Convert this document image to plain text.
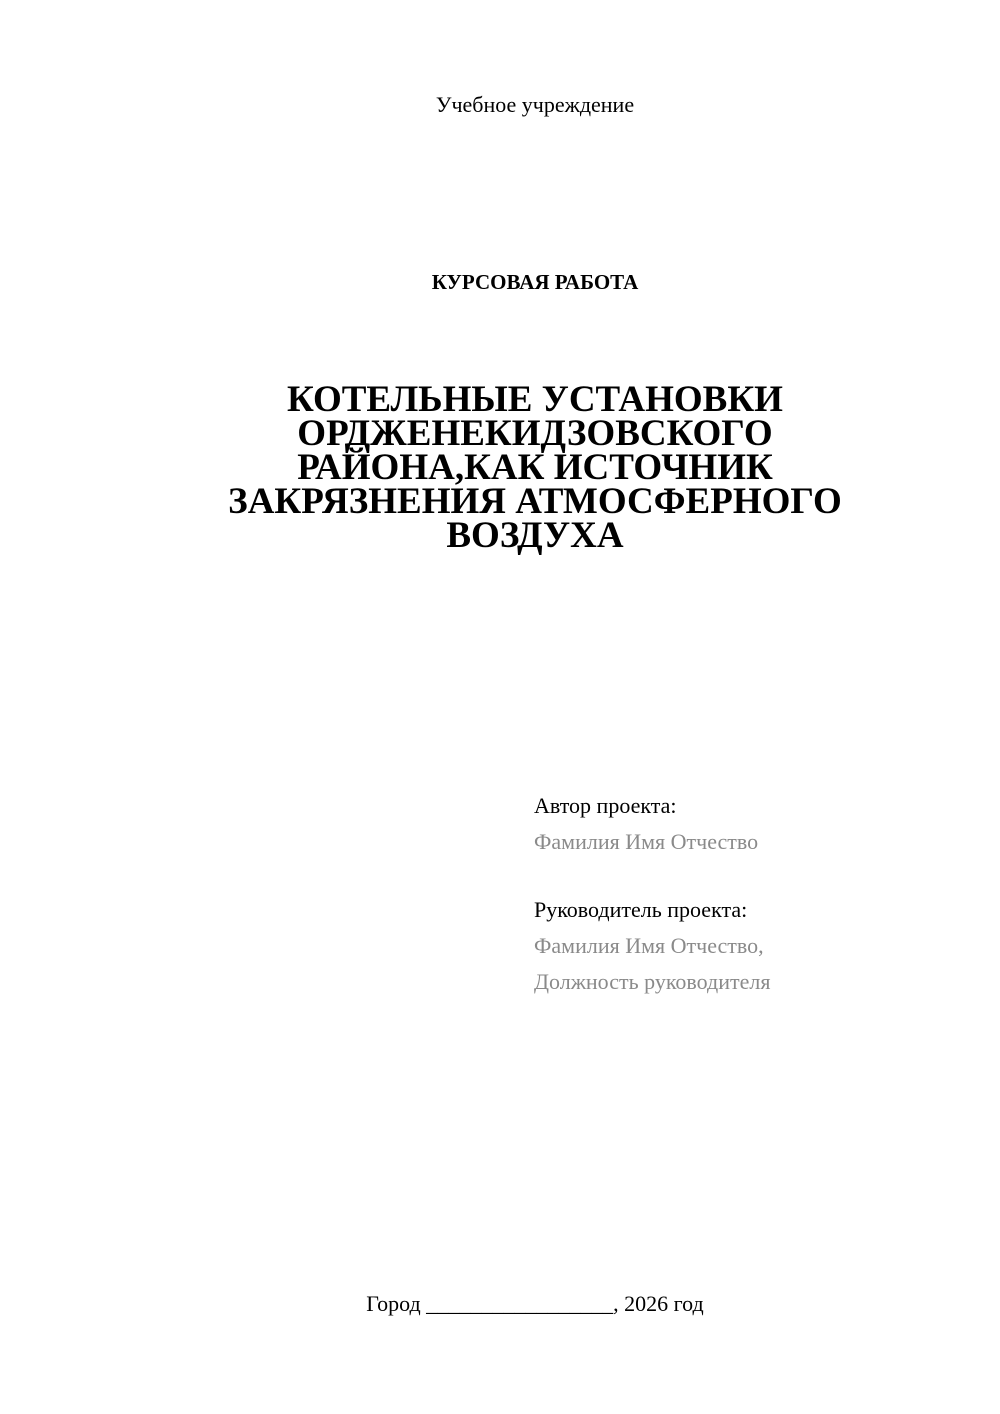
Учебное учреждение
КУРСОВАЯ РАБОТА
КОТЕЛЬНЫЕ УСТАНОВКИ
ОРДЖЕНЕКИДЗОВСКОГО
РАЙОНА,КАК ИСТОЧНИК
ЗАКРЯЗНЕНИЯ АТМОСФЕРНОГО
ВОЗДУХА
Автор проекта:
Фамилия Имя Отчество
Руководитель проекта:
Фамилия Имя Отчество,
Должность руководителя
Город _________________, 2026 год
